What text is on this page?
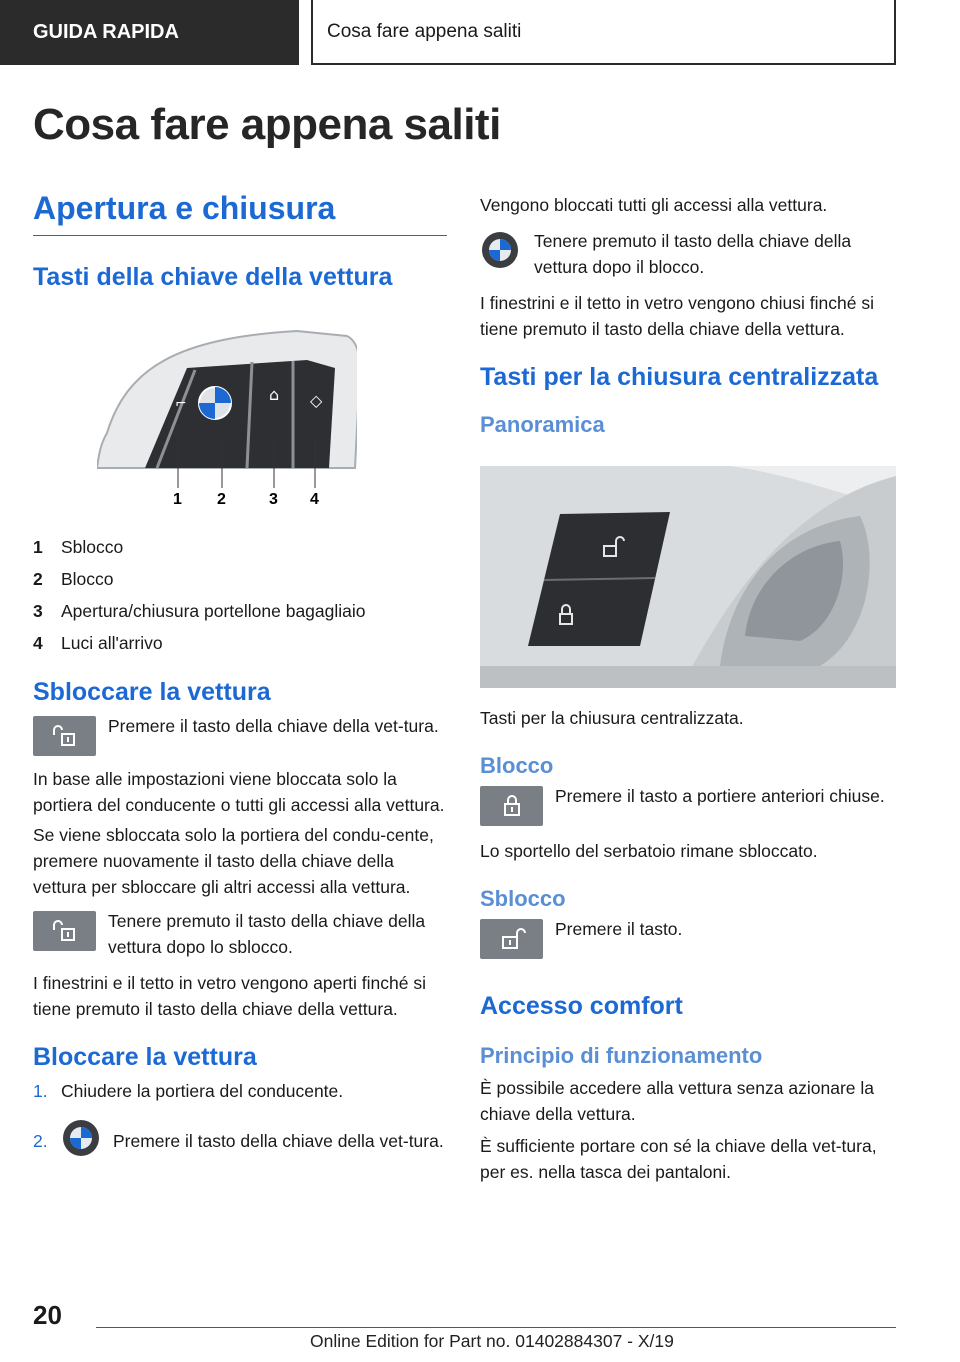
GUIDA RAPIDA	Cosa fare appena saliti
Cosa fare appena saliti
Apertura e chiusura
Tasti della chiave della vettura
⌐	⌂ ◇
1 2	3 4
1	Sblocco
2	Blocco
3	Apertura/chiusura portellone bagagliaio
4	Luci all'arrivo
Sbloccare la vettura

Premere il tasto della chiave della vet-tura.

In base alle impostazioni viene bloccata solo la portiera del conducente o tutti gli accessi alla vettura.

Se viene sbloccata solo la portiera del condu-cente, premere nuovamente il tasto della chiave della vettura per sbloccare gli altri accessi alla vettura.

Tenere premuto il tasto della chiave della vettura dopo lo sblocco.

I finestrini e il tetto in vetro vengono aperti finché si tiene premuto il tasto della chiave della vettura.

Bloccare la vettura
1. Chiudere la portiera del conducente.
2.	Premere il tasto della chiave della vet-tura.

Vengono bloccati tutti gli accessi alla vettura.

Tenere premuto il tasto della chiave della vettura dopo il blocco.

I finestrini e il tetto in vetro vengono chiusi finché si tiene premuto il tasto della chiave della vettura.

Tasti per la chiusura centralizzata
Panoramica

Tasti per la chiusura centralizzata.

Blocco

Premere il tasto a portiere anteriori chiuse.

Lo sportello del serbatoio rimane sbloccato.

Sblocco

Premere il tasto.

Accesso comfort
Principio di funzionamento

È possibile accedere alla vettura senza azionare la chiave della vettura.

È sufficiente portare con sé la chiave della vet-tura, per es. nella tasca dei pantaloni.

20
Online Edition for Part no. 01402884307 - X/19
